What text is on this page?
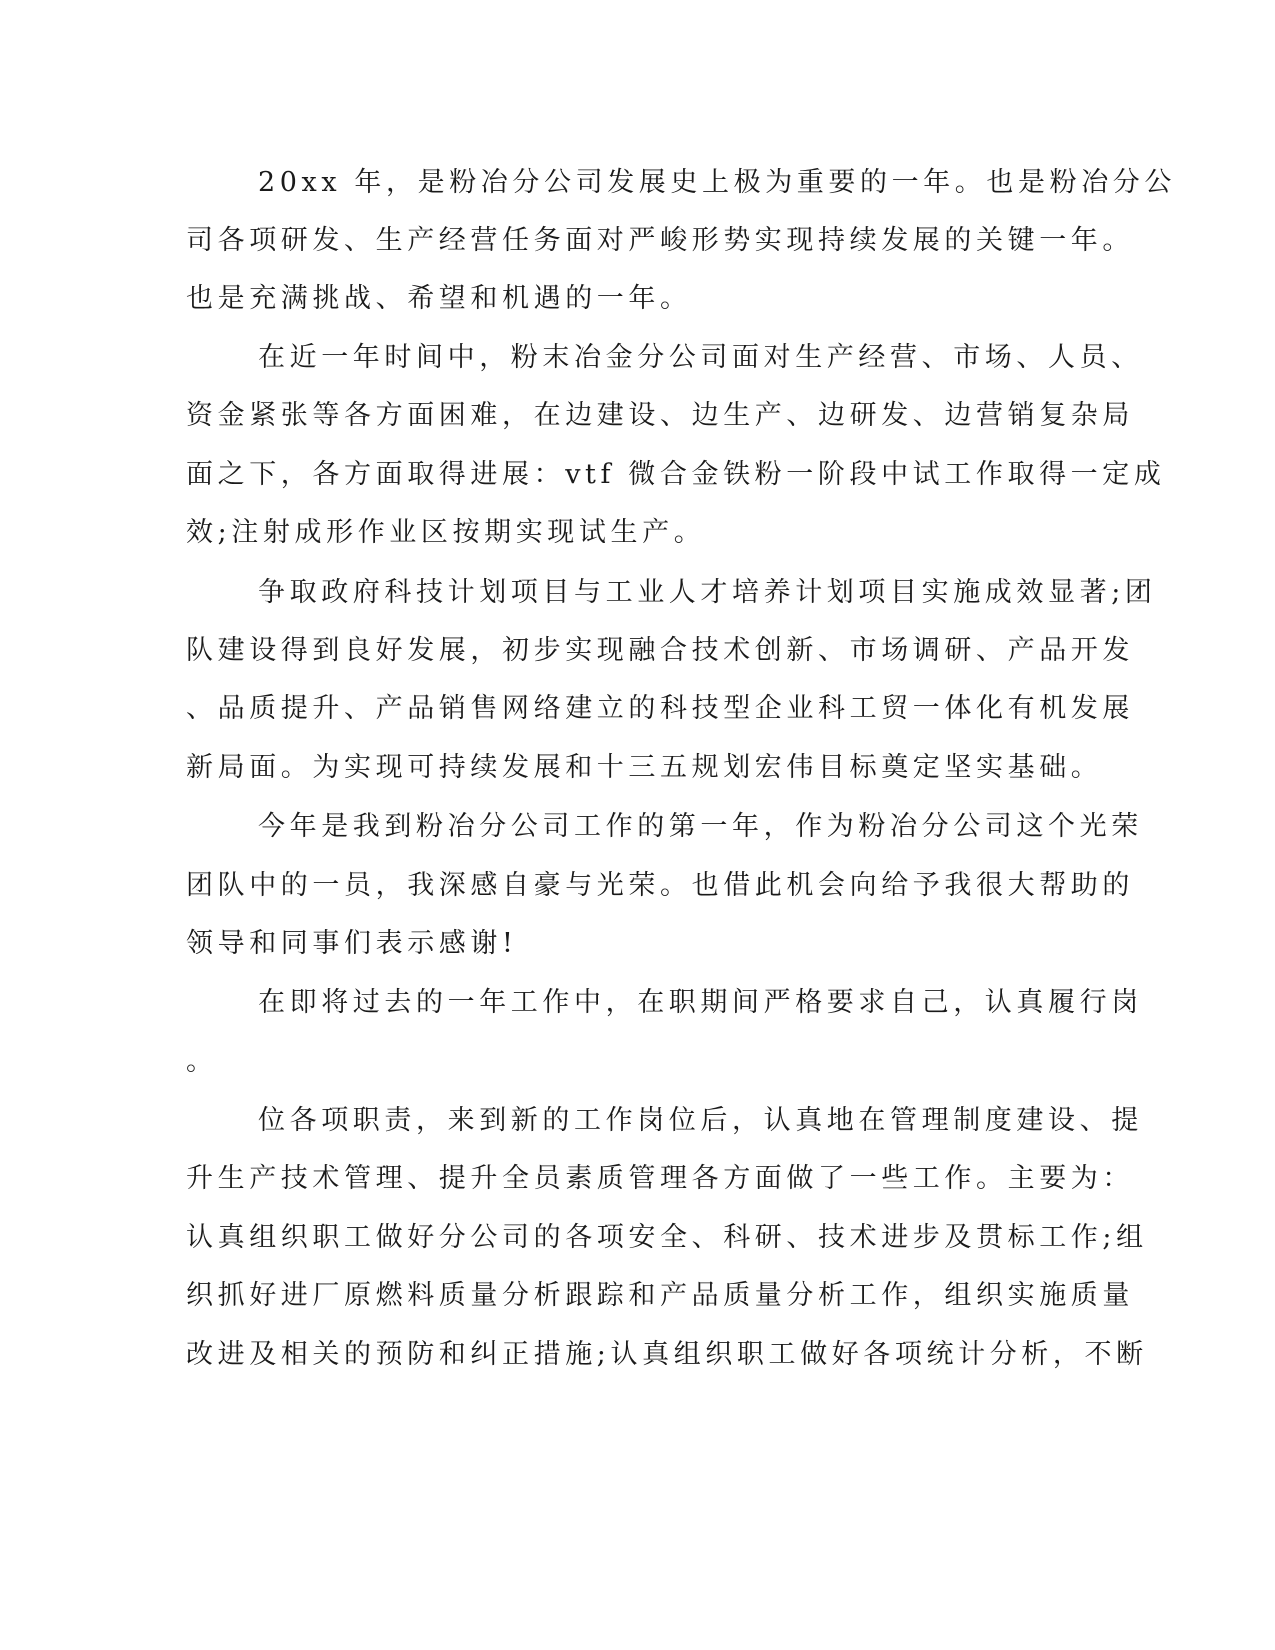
20xx 年，是粉冶分公司发展史上极为重要的一年。也是粉冶分公
司各项研发、生产经营任务面对严峻形势实现持续发展的关键一年。
也是充满挑战、希望和机遇的一年。
在近一年时间中，粉末冶金分公司面对生产经营、市场、人员、
资金紧张等各方面困难，在边建设、边生产、边研发、边营销复杂局
面之下，各方面取得进展：vtf 微合金铁粉一阶段中试工作取得一定成
效;注射成形作业区按期实现试生产。
争取政府科技计划项目与工业人才培养计划项目实施成效显著;团
队建设得到良好发展，初步实现融合技术创新、市场调研、产品开发
、品质提升、产品销售网络建立的科技型企业科工贸一体化有机发展
新局面。为实现可持续发展和十三五规划宏伟目标奠定坚实基础。
今年是我到粉冶分公司工作的第一年，作为粉冶分公司这个光荣
团队中的一员，我深感自豪与光荣。也借此机会向给予我很大帮助的
领导和同事们表示感谢!
在即将过去的一年工作中，在职期间严格要求自己，认真履行岗
。
位各项职责，来到新的工作岗位后，认真地在管理制度建设、提
升生产技术管理、提升全员素质管理各方面做了一些工作。主要为：
认真组织职工做好分公司的各项安全、科研、技术进步及贯标工作;组
织抓好进厂原燃料质量分析跟踪和产品质量分析工作，组织实施质量
改进及相关的预防和纠正措施;认真组织职工做好各项统计分析，不断
